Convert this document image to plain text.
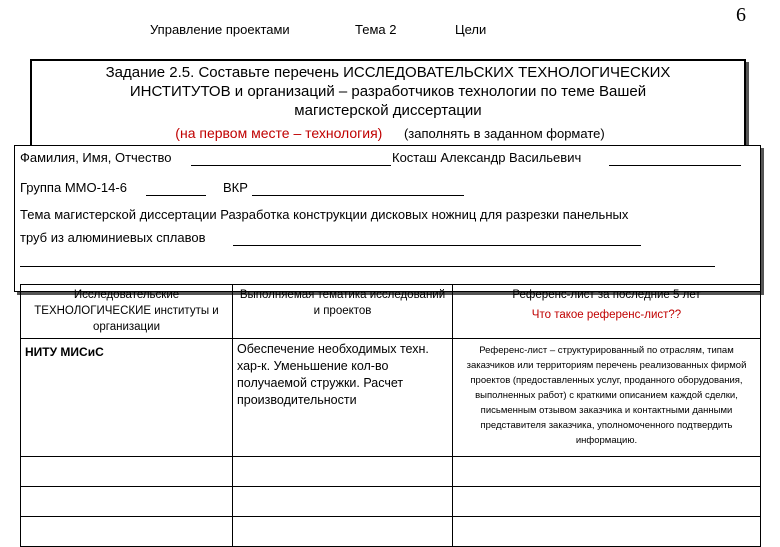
Управление проектами	Тема 2	Цели
6
Задание 2.5. Составьте перечень ИССЛЕДОВАТЕЛЬСКИХ ТЕХНОЛОГИЧЕСКИХ
ИНСТИТУТОВ и организаций – разработчиков технологии по теме Вашей
магистерской диссертации
(на первом месте – технология) (заполнять в заданном формате)
Фамилия, Имя, Отчество	Косташ Александр Васильевич
Группа ММО-14-6	ВКР
Тема магистерской диссертации Разработка конструкции дисковых ножниц для разрезки панельных
труб из алюминиевых сплавов
Исследовательские ТЕХНОЛОГИЧЕСКИЕ институты и организации	Выполняемая тематика исследований и проектов	Референс-лист за последние 5 лет
Что такое референс-лист??

НИТУ МИСиС	Обеспечение необходимых техн. хар-к. Уменьшение кол-во получаемой стружки. Расчет производительности	Референс-лист – структурированный по отраслям, типам заказчиков или территориям перечень реализованных фирмой проектов (предоставленных услуг, проданного оборудования, выполненных работ) с краткими описанием каждой сделки, письменным отзывом заказчика и контактными данными представителя заказчика, уполномоченного подтвердить информацию.
